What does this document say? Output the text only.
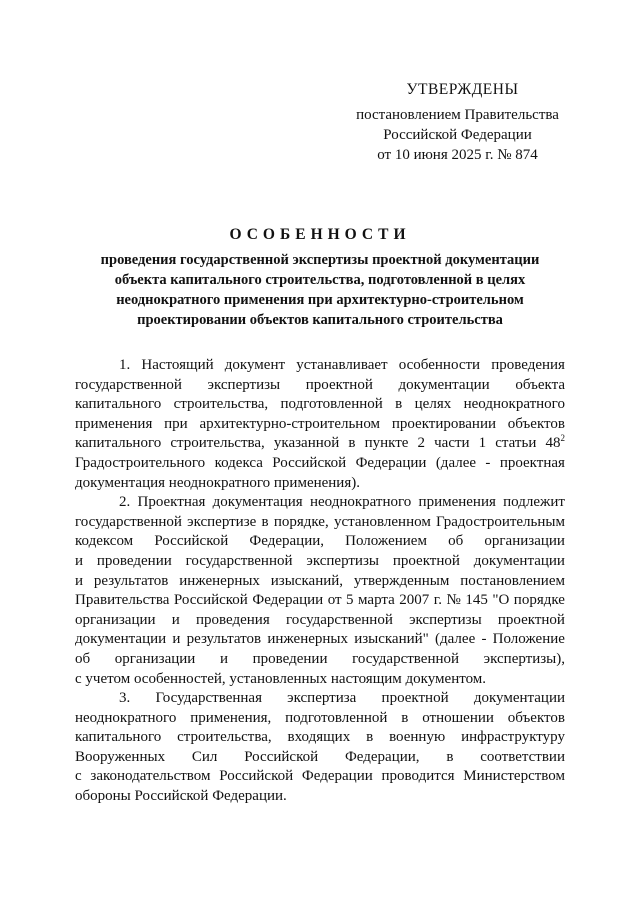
УТВЕРЖДЕНЫ
постановлением Правительства
Российской Федерации
от 10 июня 2025 г. № 874
ОСОБЕННОСТИ
проведения государственной экспертизы проектной документации
объекта капитального строительства, подготовленной в целях
неоднократного применения при архитектурно-строительном
проектировании объектов капитального строительства
1. Настоящий документ устанавливает особенности проведения
государственной экспертизы проектной документации объекта
капитального строительства, подготовленной в целях неоднократного
применения при архитектурно-строительном проектировании объектов
капитального строительства, указанной в пункте 2 части 1 статьи $48^2$
Градостроительного кодекса Российской Федерации (далее - проектная
документация неоднократного применения).
2. Проектная документация неоднократного применения подлежит
государственной экспертизе в порядке, установленном Градостроительным
кодексом Российской Федерации, Положением об организации
и проведении государственной экспертизы проектной документации
и результатов инженерных изысканий, утвержденным постановлением
Правительства Российской Федерации от 5 марта 2007 г. № 145 "О порядке
организации и проведения государственной экспертизы проектной
документации и результатов инженерных изысканий" (далее - Положение
об организации и проведении государственной экспертизы),
с учетом особенностей, установленных настоящим документом.
3. Государственная экспертиза проектной документации
неоднократного применения, подготовленной в отношении объектов
капитального строительства, входящих в военную инфраструктуру
Вооруженных Сил Российской Федерации, в соответствии
с законодательством Российской Федерации проводится Министерством
обороны Российской Федерации.
